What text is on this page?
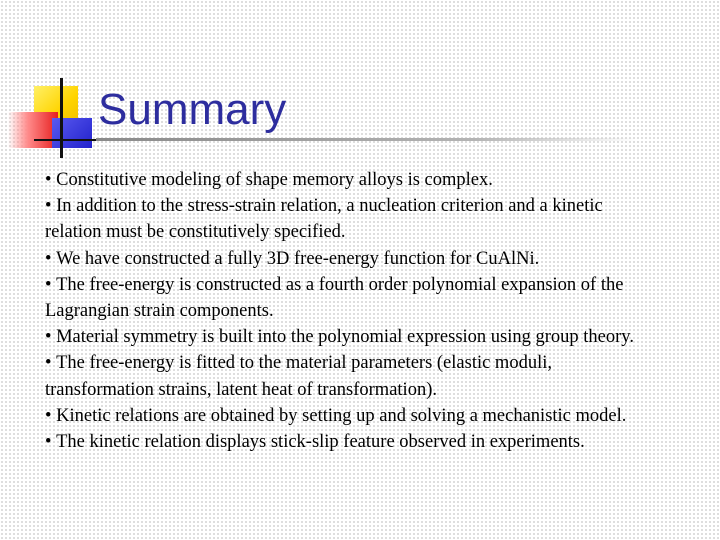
Summary
• Constitutive modeling of shape memory alloys is complex.
• In addition to the stress-strain relation, a nucleation criterion and a kinetic relation must be constitutively specified.
• We have constructed a fully 3D free-energy function for CuAlNi.
• The free-energy is constructed as a fourth order polynomial expansion of the Lagrangian strain components.
• Material symmetry is built into the polynomial expression using group theory.
• The free-energy is fitted to the material parameters (elastic moduli, transformation strains, latent heat of transformation).
• Kinetic relations are obtained by setting up and solving a mechanistic model.
• The kinetic relation displays stick-slip feature observed in experiments.
